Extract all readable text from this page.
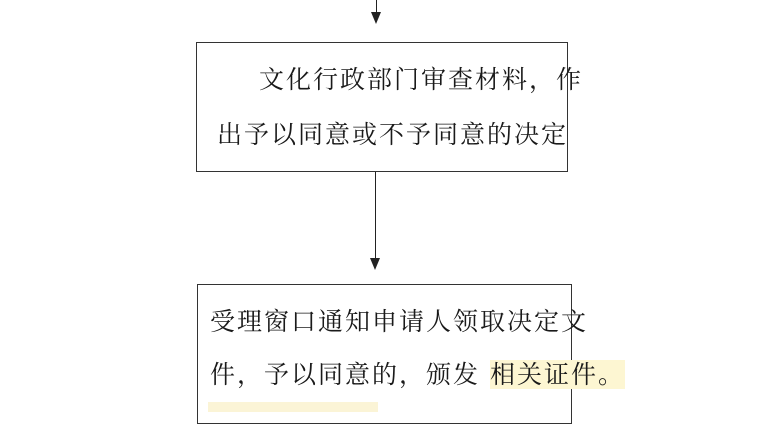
文化行政部门审查材料，作
出予以同意或不予同意的决定
受理窗口通知申请人领取决定文
件，予以同意的，颁发 相关证件。
